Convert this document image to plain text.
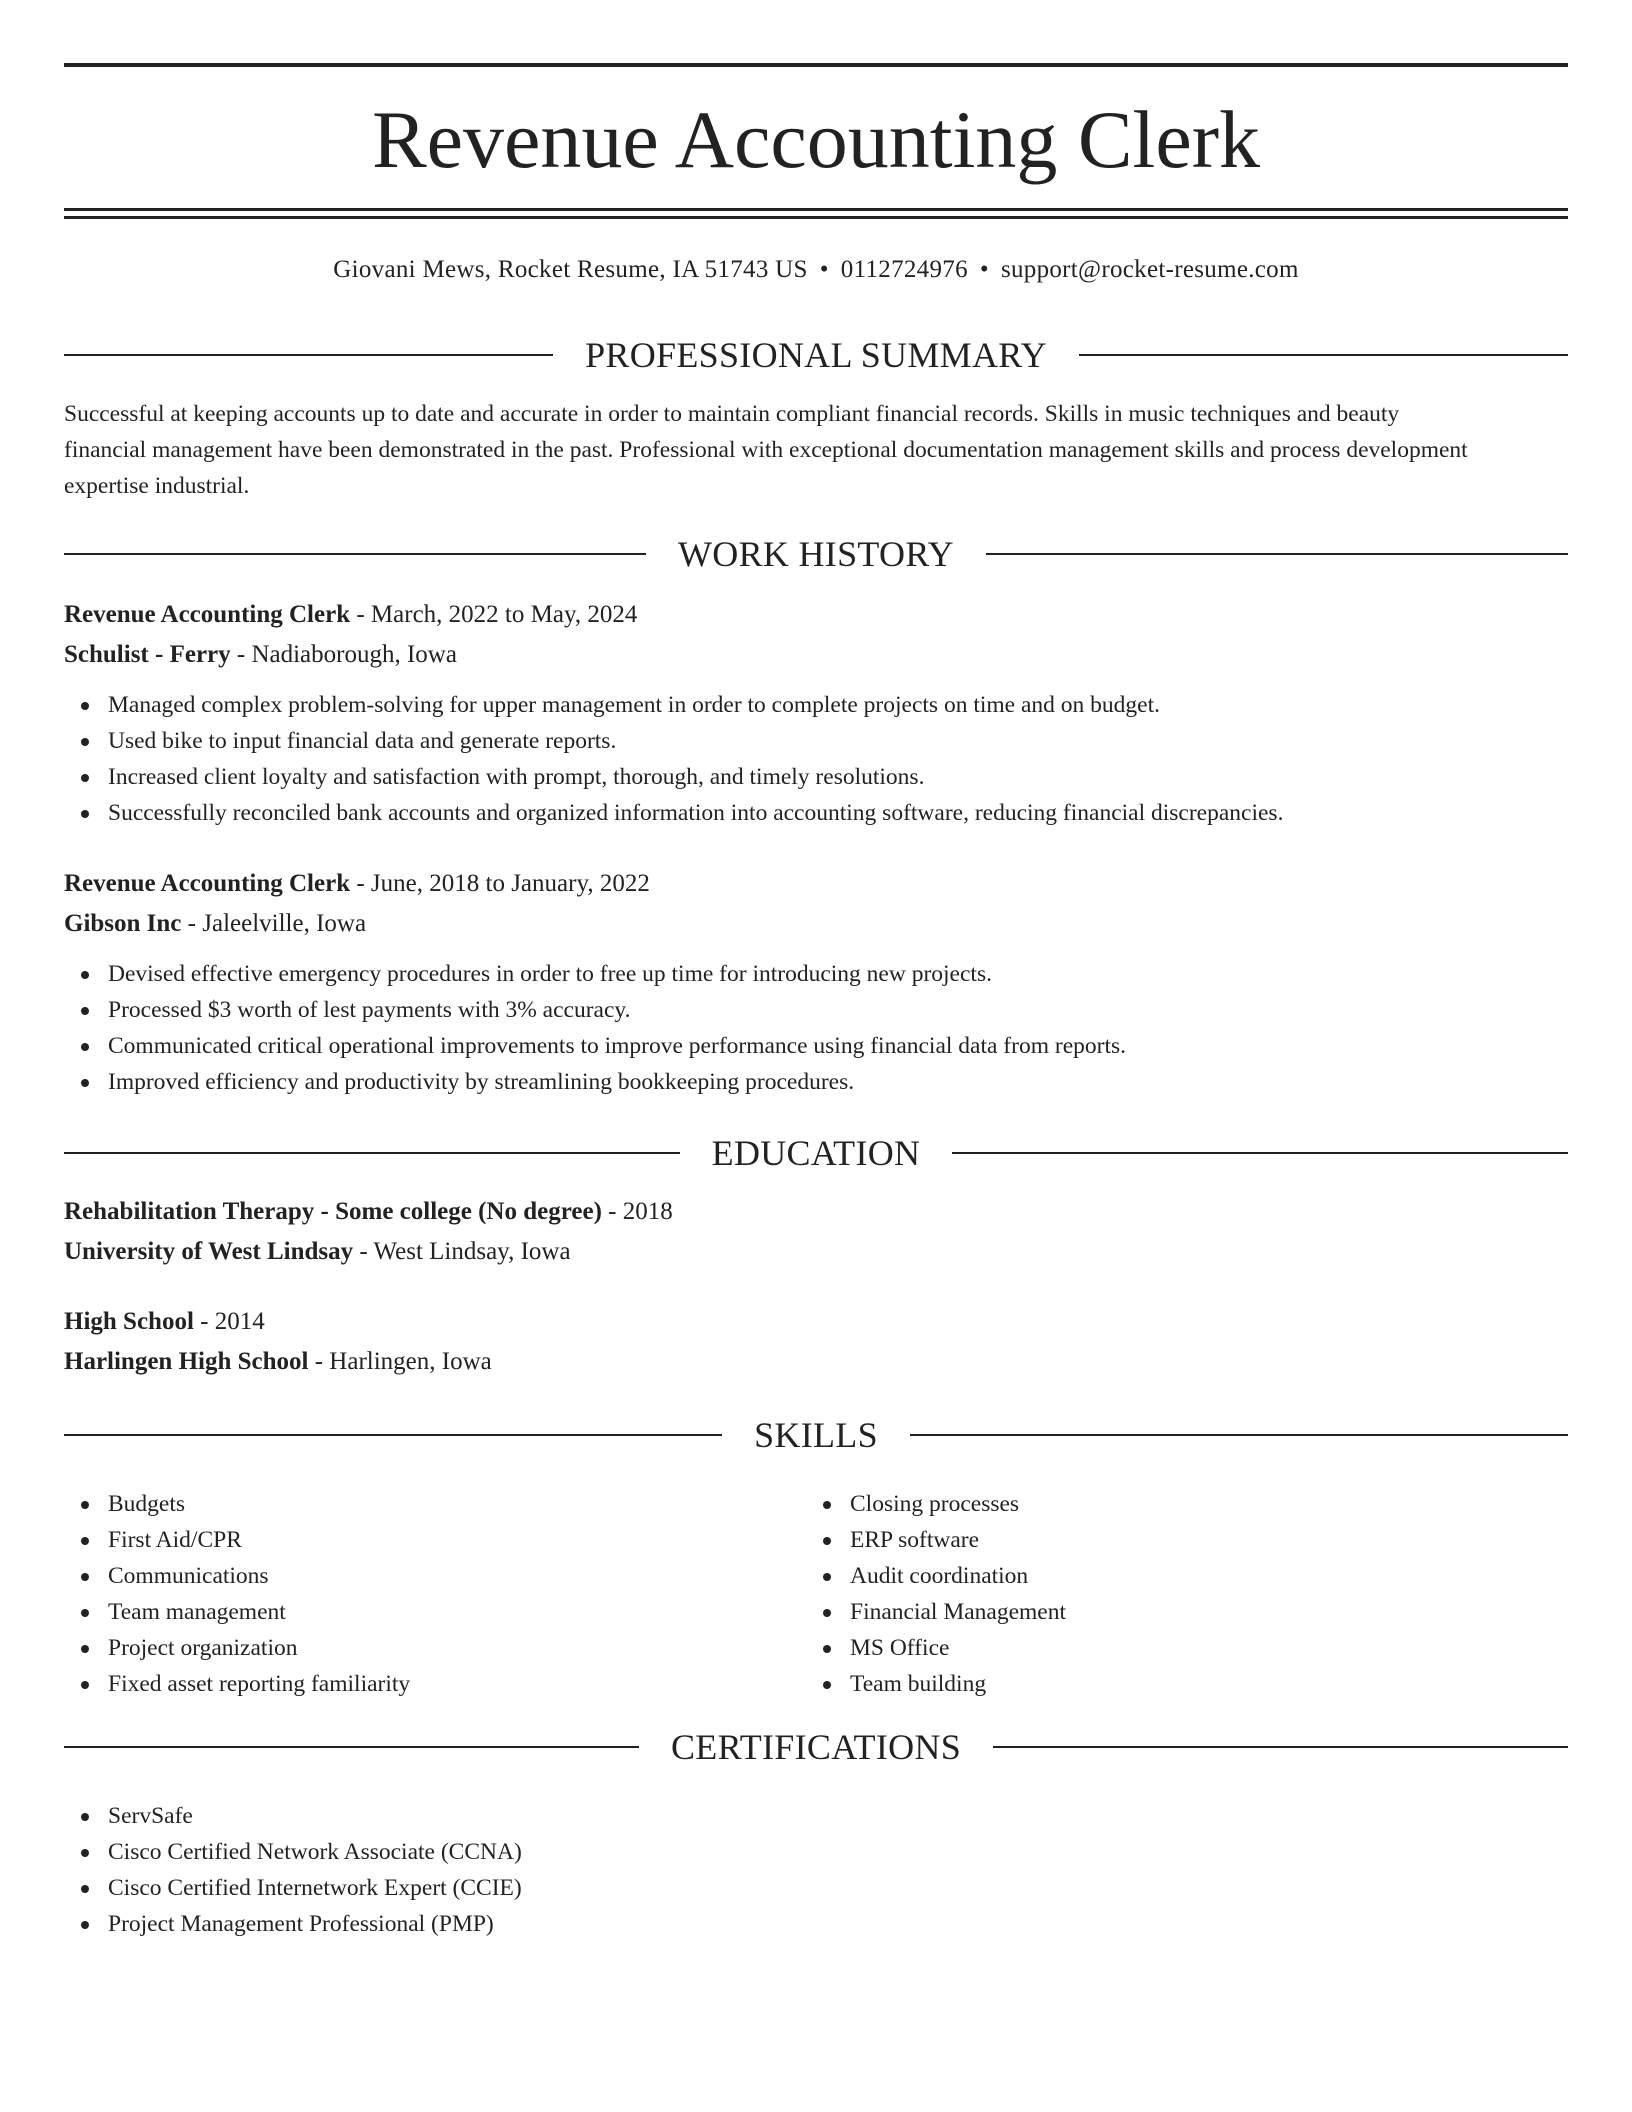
Revenue Accounting Clerk
Giovani Mews, Rocket Resume, IA 51743 US • 0112724976 • support@rocket-resume.com
PROFESSIONAL SUMMARY
Successful at keeping accounts up to date and accurate in order to maintain compliant financial records. Skills in music techniques and beauty
financial management have been demonstrated in the past. Professional with exceptional documentation management skills and process development
expertise industrial.
WORK HISTORY
Revenue Accounting Clerk - March, 2022 to May, 2024
Schulist - Ferry - Nadiaborough, Iowa
Managed complex problem-solving for upper management in order to complete projects on time and on budget.
Used bike to input financial data and generate reports.
Increased client loyalty and satisfaction with prompt, thorough, and timely resolutions.
Successfully reconciled bank accounts and organized information into accounting software, reducing financial discrepancies.
Revenue Accounting Clerk - June, 2018 to January, 2022
Gibson Inc - Jaleelville, Iowa
Devised effective emergency procedures in order to free up time for introducing new projects.
Processed $3 worth of lest payments with 3% accuracy.
Communicated critical operational improvements to improve performance using financial data from reports.
Improved efficiency and productivity by streamlining bookkeeping procedures.
EDUCATION
Rehabilitation Therapy - Some college (No degree) - 2018
University of West Lindsay - West Lindsay, Iowa
High School - 2014
Harlingen High School - Harlingen, Iowa
SKILLS
Budgets
First Aid/CPR
Communications
Team management
Project organization
Fixed asset reporting familiarity
Closing processes
ERP software
Audit coordination
Financial Management
MS Office
Team building
CERTIFICATIONS
ServSafe
Cisco Certified Network Associate (CCNA)
Cisco Certified Internetwork Expert (CCIE)
Project Management Professional (PMP)
